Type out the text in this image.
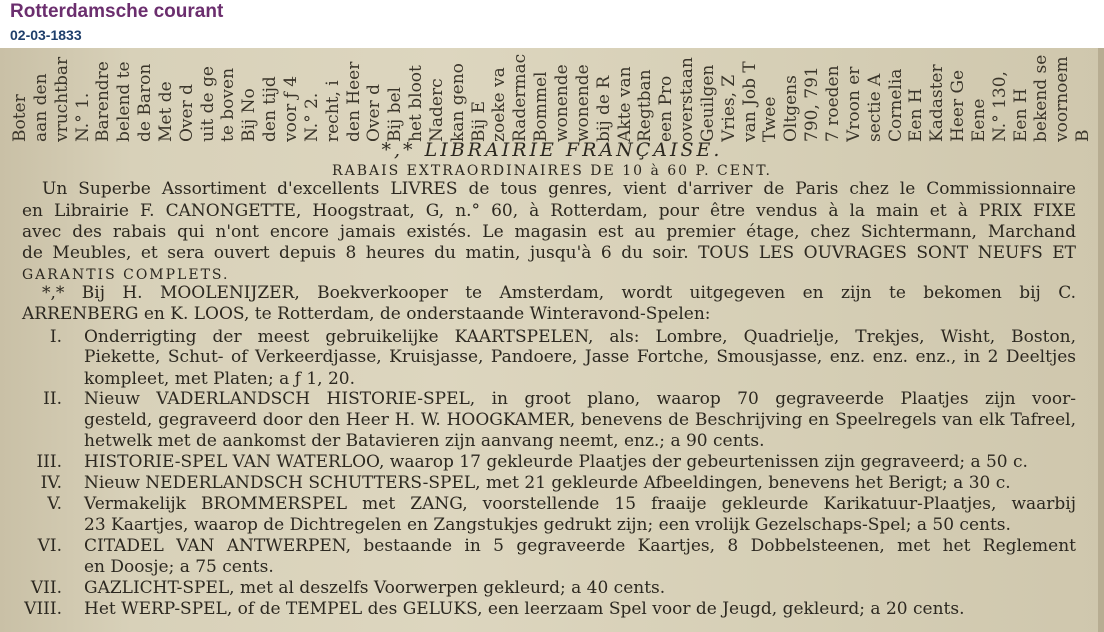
Rotterdamsche courant
02-03-1833
Boter aan den vruchtbar N.° 1. Barendre belend te de Baron Met de Over d uit de ge te boven Bij No den tijd voor ƒ 4 N.° 2. recht, i den Heer Over d Bij bel het bloot Naderc kan geno Bij E zoeke va Radermac Bommel wonende wonende bij de R Akte van Regtban een Pro overstaan Geuilgen Vries, Z van Job T Twee Oltgens 790, 791 7 roeden Vroon er sectie A Cornelia Een H Kadaster Heer Ge Eene N.° 130, Een H bekend se voornoem B
*,* LIBRAIRIE FRANÇAISE.
RABAIS EXTRAORDINAIRES DE 10 à 60 P. CENT.
Un Superbe Assortiment d'excellents LIVRES de tous genres, vient d'arriver de Paris chez le Commissionnaire
en Librairie F. CANONGETTE, Hoogstraat, G, n.° 60, à Rotterdam, pour être vendus à la main et à PRIX FIXE
avec des rabais qui n'ont encore jamais existés. Le magasin est au premier étage, chez Sichtermann, Marchand
de Meubles, et sera ouvert depuis 8 heures du matin, jusqu'à 6 du soir. TOUS LES OUVRAGES SONT NEUFS ET
GARANTIS COMPLETS.
*,* Bij H. MOOLENIJZER, Boekverkooper te Amsterdam, wordt uitgegeven en zijn te bekomen bij C.
ARRENBERG en K. LOOS, te Rotterdam, de onderstaande Winteravond-Spelen:
I. Onderrigting der meest gebruikelijke KAARTSPELEN, als: Lombre, Quadrielje, Trekjes, Wisht, Boston,
Piekette, Schut- of Verkeerdjasse, Kruisjasse, Pandoere, Jasse Fortche, Smousjasse, enz. enz. enz., in 2 Deeltjes
kompleet, met Platen; a ƒ 1, 20.
II. Nieuw VADERLANDSCH HISTORIE-SPEL, in groot plano, waarop 70 gegraveerde Plaatjes zijn voor-
gesteld, gegraveerd door den Heer H. W. HOOGKAMER, benevens de Beschrijving en Speelregels van elk Tafreel,
hetwelk met de aankomst der Batavieren zijn aanvang neemt, enz.; a 90 cents.
III. HISTORIE-SPEL VAN WATERLOO, waarop 17 gekleurde Plaatjes der gebeurtenissen zijn gegraveerd; a 50 c.
IV. Nieuw NEDERLANDSCH SCHUTTERS-SPEL, met 21 gekleurde Afbeeldingen, benevens het Berigt; a 30 c.
V. Vermakelijk BROMMERSPEL met ZANG, voorstellende 15 fraaije gekleurde Karikatuur-Plaatjes, waarbij
23 Kaartjes, waarop de Dichtregelen en Zangstukjes gedrukt zijn; een vrolijk Gezelschaps-Spel; a 50 cents.
VI. CITADEL VAN ANTWERPEN, bestaande in 5 gegraveerde Kaartjes, 8 Dobbelsteenen, met het Reglement
en Doosje; a 75 cents.
VII. GAZLICHT-SPEL, met al deszelfs Voorwerpen gekleurd; a 40 cents.
VIII. Het WERP-SPEL, of de TEMPEL des GELUKS, een leerzaam Spel voor de Jeugd, gekleurd; a 20 cents.
